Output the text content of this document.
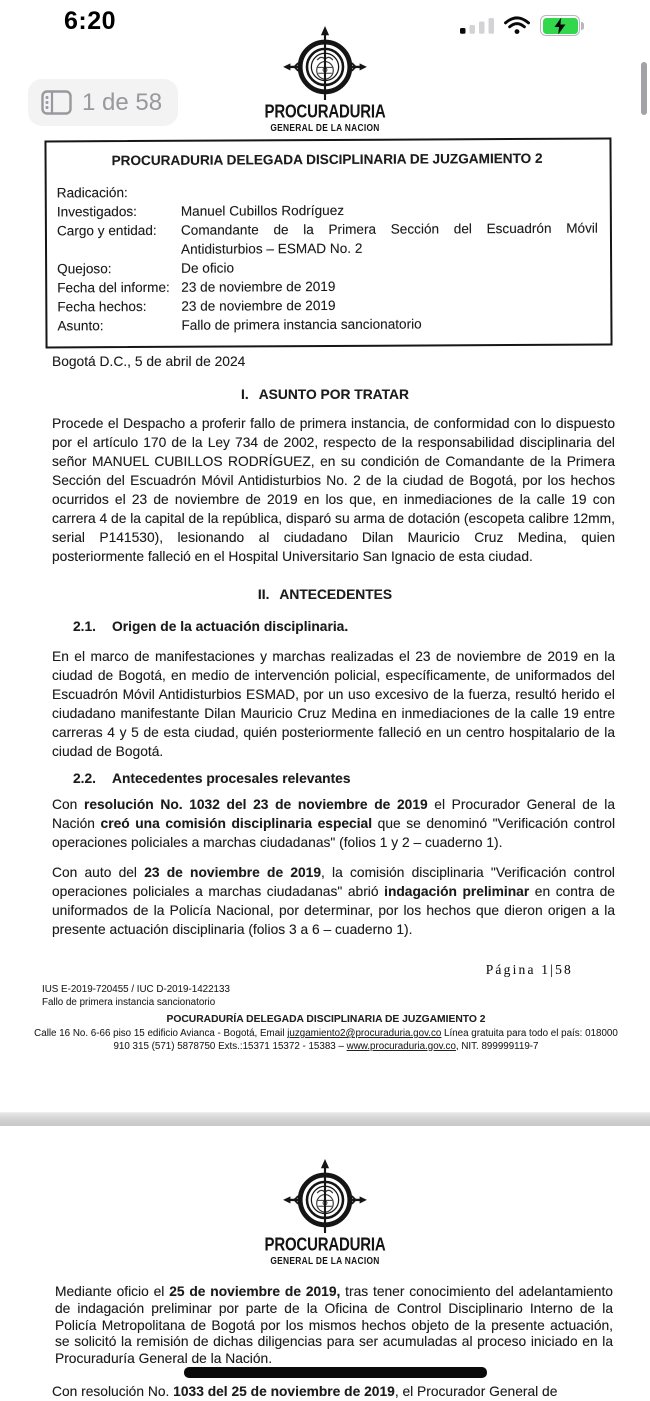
6:20
1 de 58	PROCURADURIA
GENERAL DE LA NACION
PROCURADURIA DELEGADA DISCIPLINARIA DE JUZGAMIENTO 2
Radicación:
Investigados:	Manuel Cubillos Rodríguez
Cargo y entidad:	Comandante de la Primera Sección del Escuadrón Móvil Antidisturbios – ESMAD No. 2
Quejoso:	De oficio
Fecha del informe: 23 de noviembre de 2019
Fecha hechos:	23 de noviembre de 2019
Asunto:	Fallo de primera instancia sancionatorio
Bogotá D.C., 5 de abril de 2024
I. ASUNTO POR TRATAR

Procede el Despacho a proferir fallo de primera instancia, de conformidad con lo dispuesto por el artículo 170 de la Ley 734 de 2002, respecto de la responsabilidad disciplinaria del señor MANUEL CUBILLOS RODRÍGUEZ, en su condición de Comandante de la Primera Sección del Escuadrón Móvil Antidisturbios No. 2 de la ciudad de Bogotá, por los hechos ocurridos el 23 de noviembre de 2019 en los que, en inmediaciones de la calle 19 con carrera 4 de la capital de la república, disparó su arma de dotación (escopeta calibre 12mm, serial P141530), lesionando al ciudadano Dilan Mauricio Cruz Medina, quien posteriormente falleció en el Hospital Universitario San Ignacio de esta ciudad.

II. ANTECEDENTES
2.1. Origen de la actuación disciplinaria.

En el marco de manifestaciones y marchas realizadas el 23 de noviembre de 2019 en la ciudad de Bogotá, en medio de intervención policial, específicamente, de uniformados del Escuadrón Móvil Antidisturbios ESMAD, por un uso excesivo de la fuerza, resultó herido el ciudadano manifestante Dilan Mauricio Cruz Medina en inmediaciones de la calle 19 entre carreras 4 y 5 de esta ciudad, quién posteriormente falleció en un centro hospitalario de la ciudad de Bogotá.

2.2. Antecedentes procesales relevantes

Con resolución No. 1032 del 23 de noviembre de 2019 el Procurador General de la Nación creó una comisión disciplinaria especial que se denominó "Verificación control operaciones policiales a marchas ciudadanas" (folios 1 y 2 – cuaderno 1).

Con auto del 23 de noviembre de 2019, la comisión disciplinaria "Verificación control operaciones policiales a marchas ciudadanas" abrió indagación preliminar en contra de uniformados de la Policía Nacional, por determinar, por los hechos que dieron origen a la presente actuación disciplinaria (folios 3 a 6 – cuaderno 1).

Página 1|58
IUS E-2019-720455 / IUC D-2019-1422133
Fallo de primera instancia sancionatorio
POCURADURÍA DELEGADA DISCIPLINARIA DE JUZGAMIENTO 2
Calle 16 No. 6-66 piso 15 edificio Avianca - Bogotá, Email juzgamiento2@procuraduria.gov.co Línea gratuita para todo el país: 018000
910 315 (571) 5878750 Exts.:15371 15372 - 15383 – www.procuraduria.gov.co, NIT. 899999119-7
PROCURADURIA
GENERAL DE LA NACION

Mediante oficio el 25 de noviembre de 2019, tras tener conocimiento del adelantamiento de indagación preliminar por parte de la Oficina de Control Disciplinario Interno de la Policía Metropolitana de Bogotá por los mismos hechos objeto de la presente actuación, se solicitó la remisión de dichas diligencias para ser acumuladas al proceso iniciado en la Procuraduría General de la Nación.

Con resolución No. 1033 del 25 de noviembre de 2019, el Procurador General de
